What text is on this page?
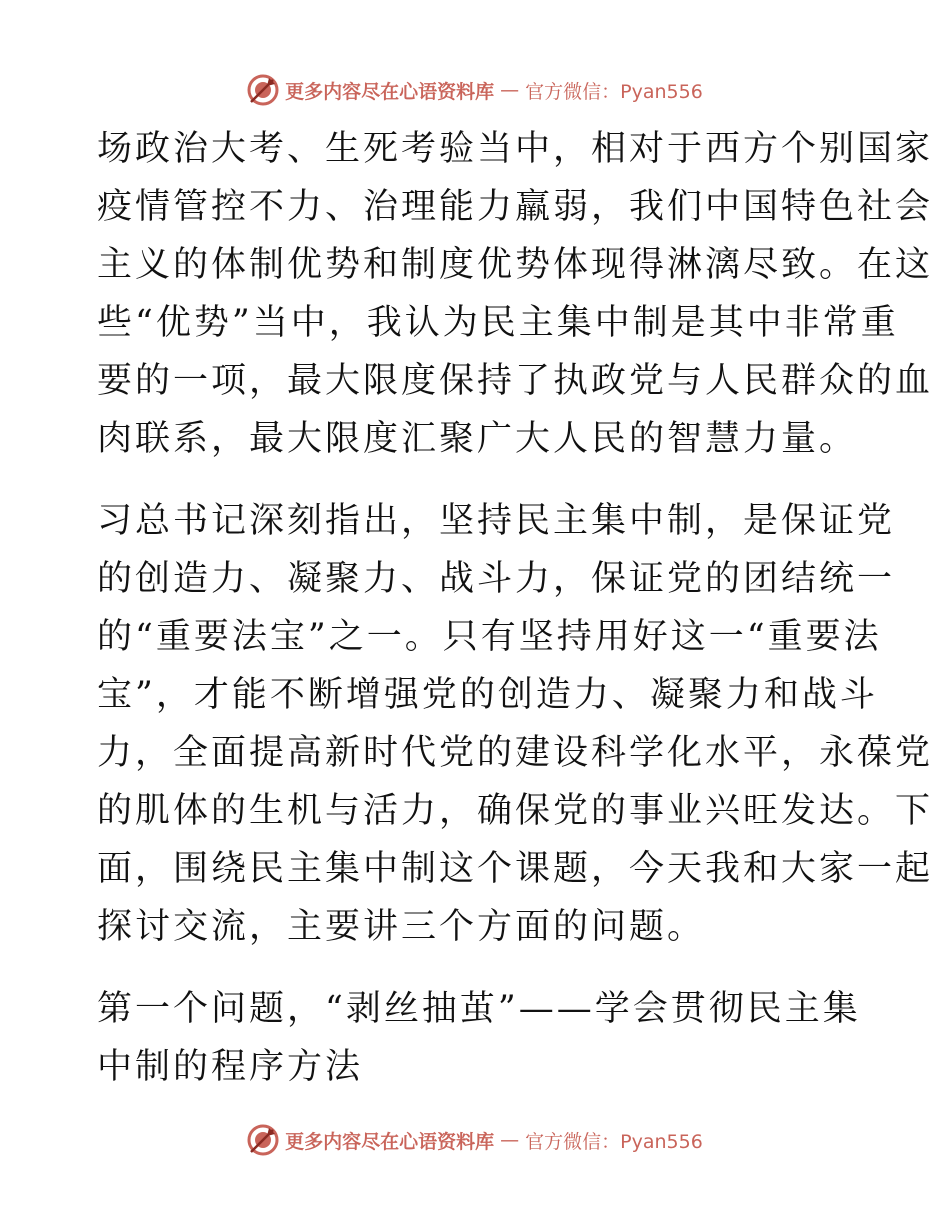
更多内容尽在心语资料库 — 官方微信：Pyan556
场政治大考、生死考验当中，相对于西方个别国家
疫情管控不力、治理能力羸弱，我们中国特色社会
主义的体制优势和制度优势体现得淋漓尽致。在这
些“优势”当中，我认为民主集中制是其中非常重
要的一项，最大限度保持了执政党与人民群众的血
肉联系，最大限度汇聚广大人民的智慧力量。
习总书记深刻指出，坚持民主集中制，是保证党
的创造力、凝聚力、战斗力，保证党的团结统一
的“重要法宝”之一。只有坚持用好这一“重要法
宝”，才能不断增强党的创造力、凝聚力和战斗
力，全面提高新时代党的建设科学化水平，永葆党
的肌体的生机与活力，确保党的事业兴旺发达。下
面，围绕民主集中制这个课题，今天我和大家一起
探讨交流，主要讲三个方面的问题。
第一个问题，“剥丝抽茧”——学会贯彻民主集
中制的程序方法
更多内容尽在心语资料库 — 官方微信：Pyan556
